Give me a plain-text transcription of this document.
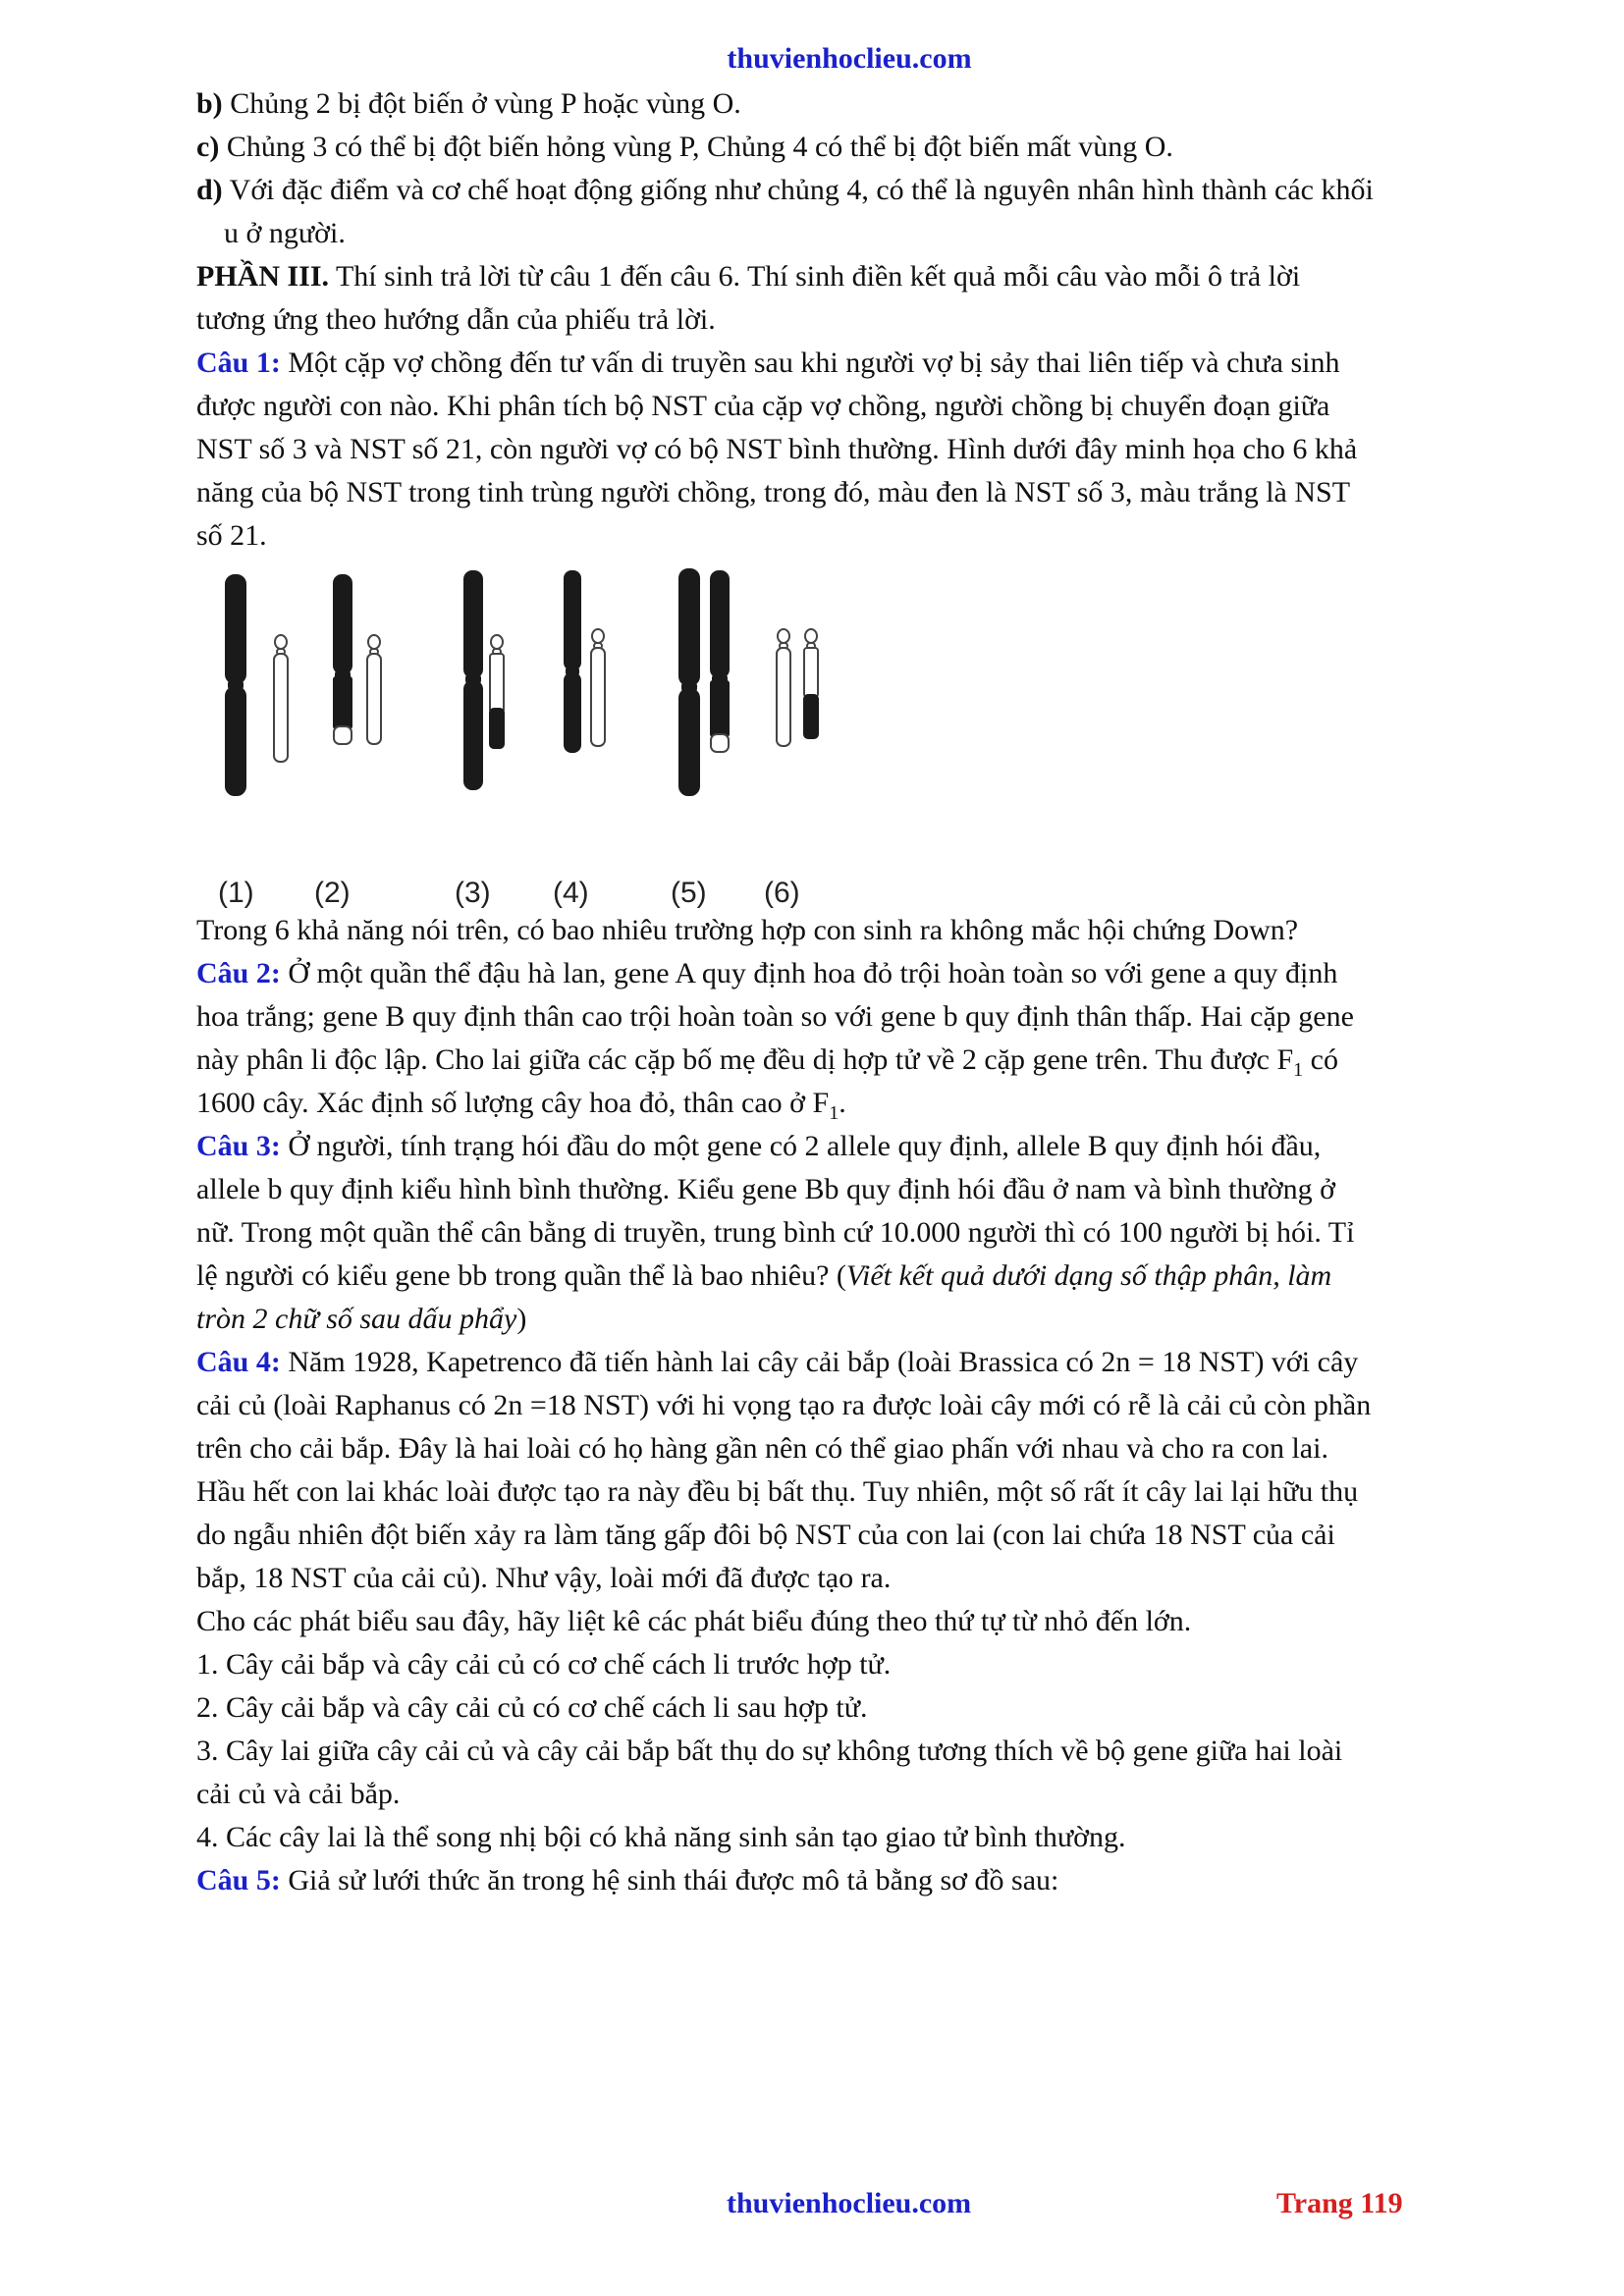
thuvienhoclieu.com

b) Chủng 2 bị đột biến ở vùng P hoặc vùng O.

c) Chủng 3 có thể bị đột biến hỏng vùng P, Chủng 4 có thể bị đột biến mất vùng O.

d) Với đặc điểm và cơ chế hoạt động giống như chủng 4, có thể là nguyên nhân hình thành các khối
u ở người.

PHẦN III. Thí sinh trả lời từ câu 1 đến câu 6. Thí sinh điền kết quả mỗi câu vào mỗi ô trả lời
tương ứng theo hướng dẫn của phiếu trả lời.

Câu 1: Một cặp vợ chồng đến tư vấn di truyền sau khi người vợ bị sảy thai liên tiếp và chưa sinh
được người con nào. Khi phân tích bộ NST của cặp vợ chồng, người chồng bị chuyển đoạn giữa
NST số 3 và NST số 21, còn người vợ có bộ NST bình thường. Hình dưới đây minh họa cho 6 khả
năng của bộ NST trong tinh trùng người chồng, trong đó, màu đen là NST số 3, màu trắng là NST
số 21.

(1) (2)	(3) (4)	(5) (6)

Trong 6 khả năng nói trên, có bao nhiêu trường hợp con sinh ra không mắc hội chứng Down?

Câu 2: Ở một quần thể đậu hà lan, gene A quy định hoa đỏ trội hoàn toàn so với gene a quy định
hoa trắng; gene B quy định thân cao trội hoàn toàn so với gene b quy định thân thấp. Hai cặp gene
này phân li độc lập. Cho lai giữa các cặp bố mẹ đều dị hợp tử về 2 cặp gene trên. Thu được $F_1$ có
1600 cây. Xác định số lượng cây hoa đỏ, thân cao ở $F_1$.

Câu 3: Ở người, tính trạng hói đầu do một gene có 2 allele quy định, allele B quy định hói đầu,
allele b quy định kiểu hình bình thường. Kiểu gene Bb quy định hói đầu ở nam và bình thường ở
nữ. Trong một quần thể cân bằng di truyền, trung bình cứ 10.000 người thì có 100 người bị hói. Tỉ
lệ người có kiểu gene bb trong quần thể là bao nhiêu? (Viết kết quả dưới dạng số thập phân, làm
tròn 2 chữ số sau dấu phẩy)

Câu 4: Năm 1928, Kapetrenco đã tiến hành lai cây cải bắp (loài Brassica có 2n = 18 NST) với cây
cải củ (loài Raphanus có 2n =18 NST) với hi vọng tạo ra được loài cây mới có rễ là cải củ còn phần
trên cho cải bắp. Đây là hai loài có họ hàng gần nên có thể giao phấn với nhau và cho ra con lai.
Hầu hết con lai khác loài được tạo ra này đều bị bất thụ. Tuy nhiên, một số rất ít cây lai lại hữu thụ
do ngẫu nhiên đột biến xảy ra làm tăng gấp đôi bộ NST của con lai (con lai chứa 18 NST của cải
bắp, 18 NST của cải củ). Như vậy, loài mới đã được tạo ra.
Cho các phát biểu sau đây, hãy liệt kê các phát biểu đúng theo thứ tự từ nhỏ đến lớn.
1. Cây cải bắp và cây cải củ có cơ chế cách li trước hợp tử.
2. Cây cải bắp và cây cải củ có cơ chế cách li sau hợp tử.
3. Cây lai giữa cây cải củ và cây cải bắp bất thụ do sự không tương thích về bộ gene giữa hai loài
cải củ và cải bắp.
4. Các cây lai là thể song nhị bội có khả năng sinh sản tạo giao tử bình thường.

Câu 5: Giả sử lưới thức ăn trong hệ sinh thái được mô tả bằng sơ đồ sau:

thuvienhoclieu.com	Trang 119
